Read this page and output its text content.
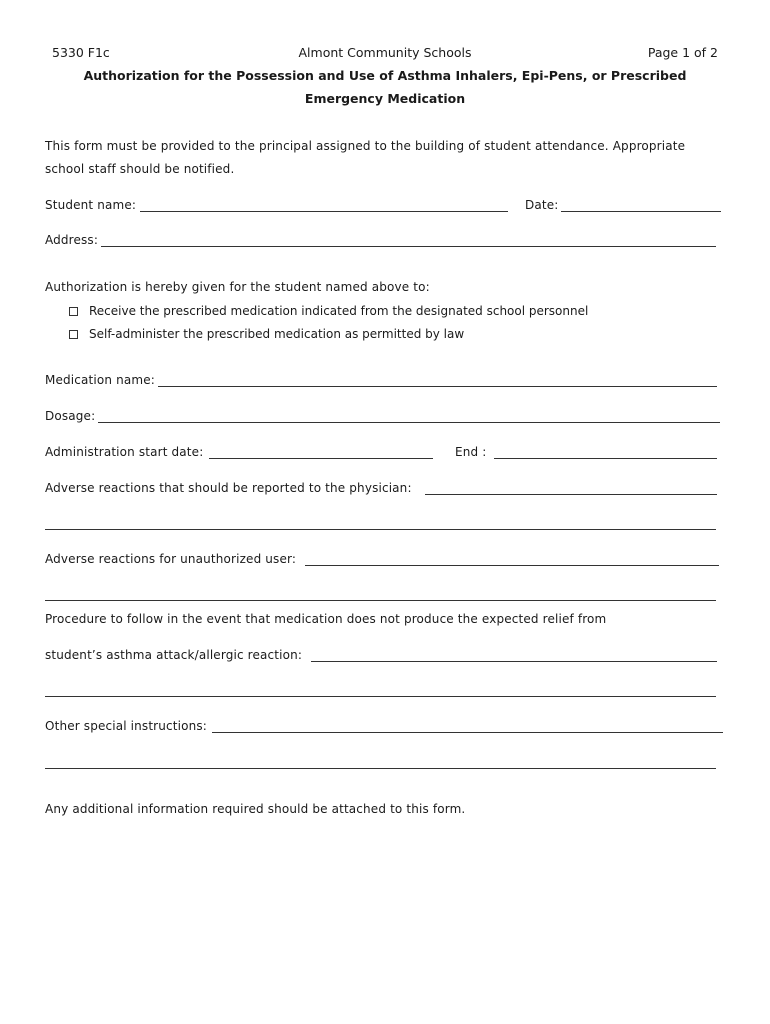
5330 F1c	Almont Community Schools	Page 1 of 2
Authorization for the Possession and Use of Asthma Inhalers, Epi-Pens, or Prescribed
Emergency Medication
This form must be provided to the principal assigned to the building of student attendance. Appropriate
school staff should be notified.
Student name:	Date:
Address:
Authorization is hereby given for the student named above to:
Receive the prescribed medication indicated from the designated school personnel
Self-administer the prescribed medication as permitted by law
Medication name:
Dosage:
Administration start date:	End :
Adverse reactions that should be reported to the physician:
Adverse reactions for unauthorized user:
Procedure to follow in the event that medication does not produce the expected relief from
student’s asthma attack/allergic reaction:
Other special instructions:
Any additional information required should be attached to this form.
